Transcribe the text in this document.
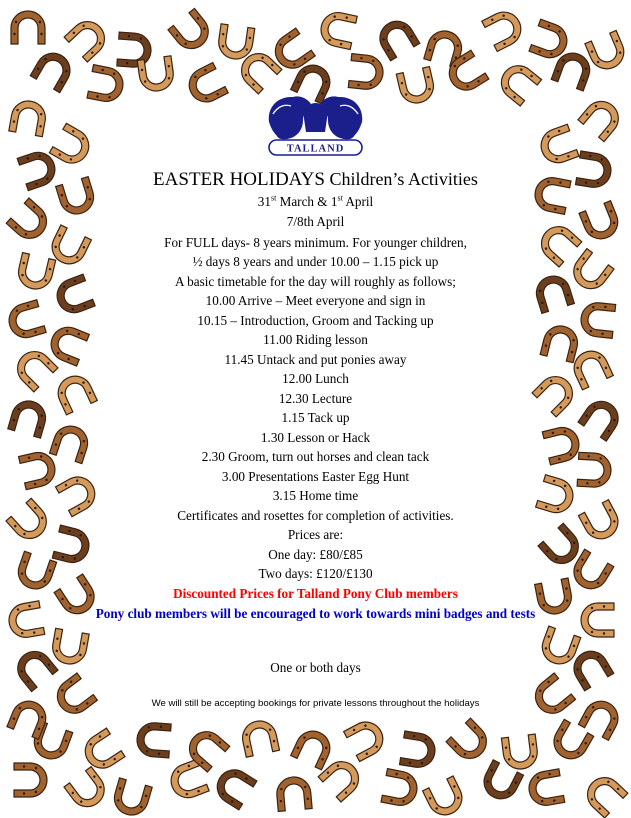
TALLAND
EASTER HOLIDAYS Children’s Activities
31st March & 1st April
7/8th April
For FULL days- 8 years minimum. For younger children,
½ days 8 years and under 10.00 – 1.15 pick up
A basic timetable for the day will roughly as follows;
10.00 Arrive – Meet everyone and sign in
10.15 – Introduction, Groom and Tacking up
11.00 Riding lesson
11.45 Untack and put ponies away
12.00 Lunch
12.30 Lecture
1.15 Tack up
1.30 Lesson or Hack
2.30 Groom, turn out horses and clean tack
3.00 Presentations Easter Egg Hunt
3.15 Home time
Certificates and rosettes for completion of activities.
Prices are:
One day: £80/£85
Two days: £120/£130
Discounted Prices for Talland Pony Club members
Pony club members will be encouraged to work towards mini badges and tests
One or both days
We will still be accepting bookings for private lessons throughout the holidays
